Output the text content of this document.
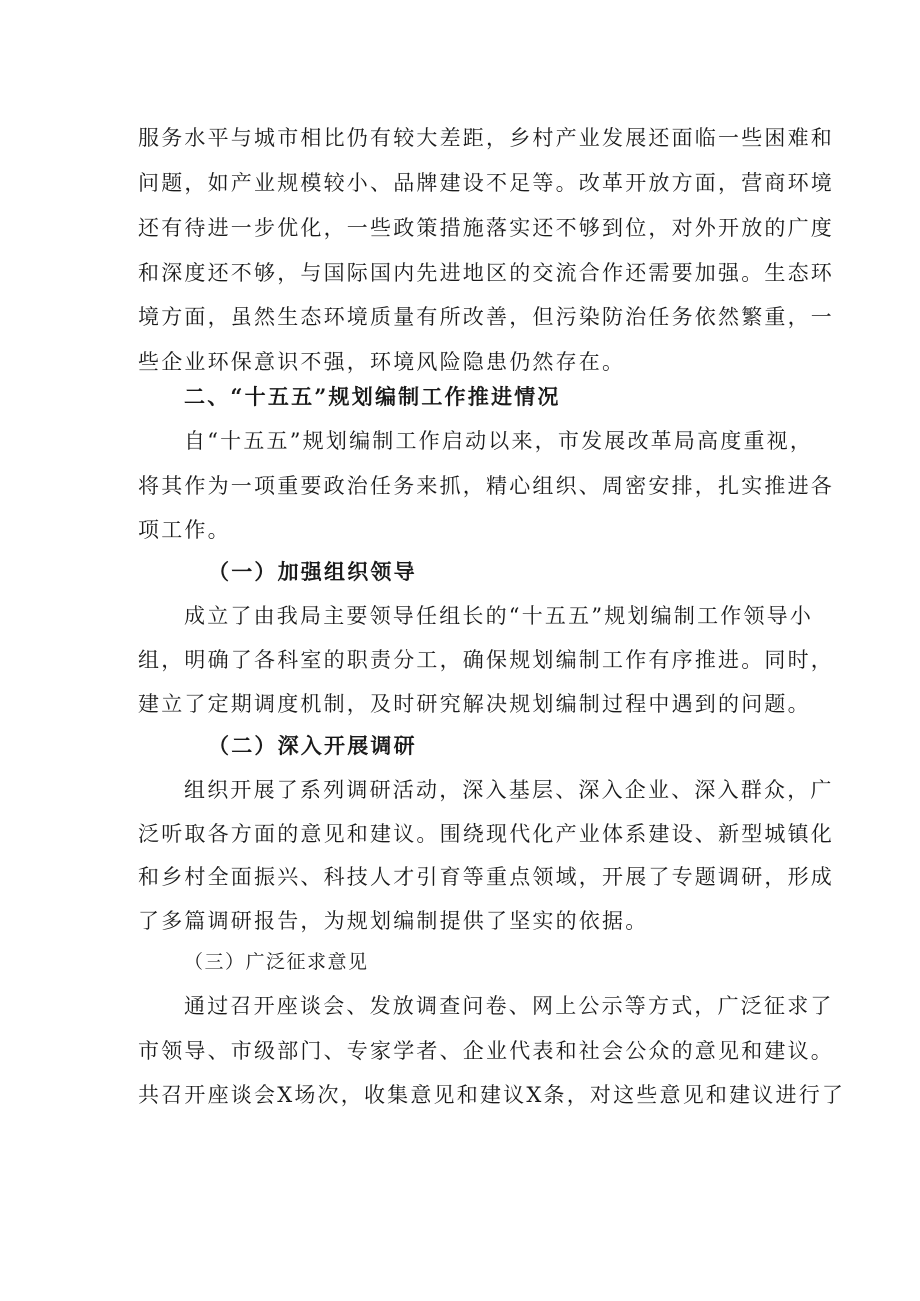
服务水平与城市相比仍有较大差距，乡村产业发展还面临一些困难和
问题，如产业规模较小、品牌建设不足等。改革开放方面，营商环境
还有待进一步优化，一些政策措施落实还不够到位，对外开放的广度
和深度还不够，与国际国内先进地区的交流合作还需要加强。生态环
境方面，虽然生态环境质量有所改善，但污染防治任务依然繁重，一
些企业环保意识不强，环境风险隐患仍然存在。
二、“十五五”规划编制工作推进情况
自“十五五”规划编制工作启动以来，市发展改革局高度重视，
将其作为一项重要政治任务来抓，精心组织、周密安排，扎实推进各
项工作。
（一）加强组织领导
成立了由我局主要领导任组长的“十五五”规划编制工作领导小
组，明确了各科室的职责分工，确保规划编制工作有序推进。同时，
建立了定期调度机制，及时研究解决规划编制过程中遇到的问题。
（二）深入开展调研
组织开展了系列调研活动，深入基层、深入企业、深入群众，广
泛听取各方面的意见和建议。围绕现代化产业体系建设、新型城镇化
和乡村全面振兴、科技人才引育等重点领域，开展了专题调研，形成
了多篇调研报告，为规划编制提供了坚实的依据。
（三）广泛征求意见
通过召开座谈会、发放调查问卷、网上公示等方式，广泛征求了
市领导、市级部门、专家学者、企业代表和社会公众的意见和建议。
共召开座谈会X场次，收集意见和建议X条，对这些意见和建议进行了
